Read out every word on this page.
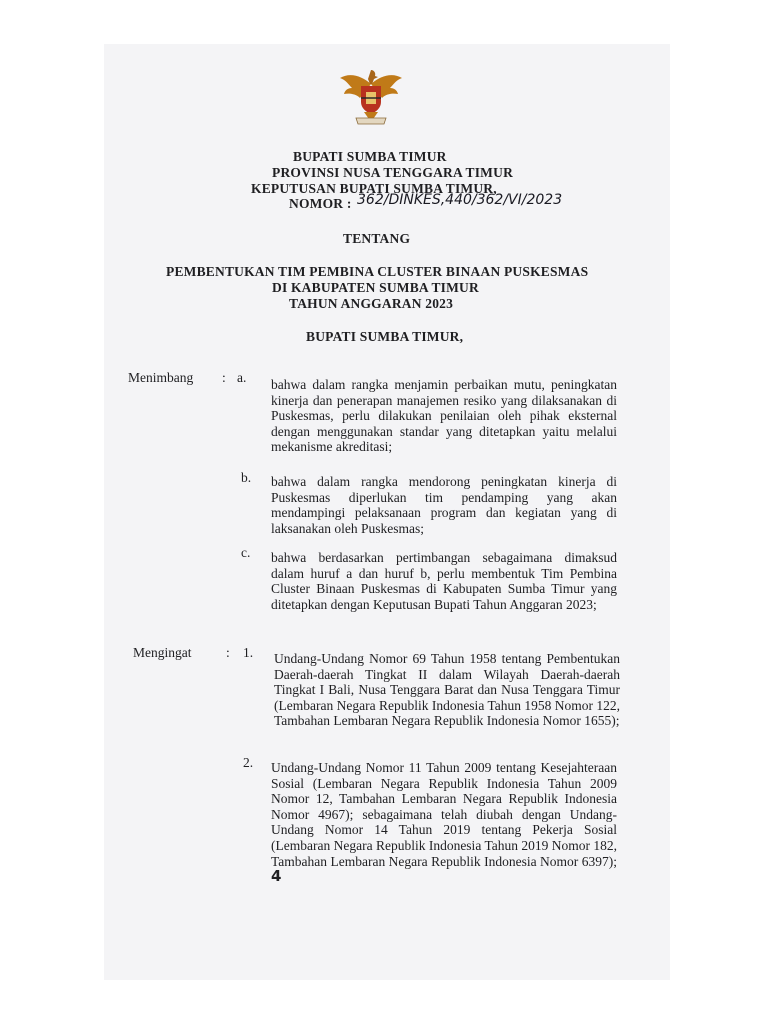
BUPATI SUMBA TIMUR
PROVINSI NUSA TENGGARA TIMUR
KEPUTUSAN BUPATI SUMBA TIMUR,
NOMOR : 362/DINKES,440/362/VI/2023
TENTANG
PEMBENTUKAN TIM PEMBINA CLUSTER BINAAN PUSKESMAS
DI KABUPATEN SUMBA TIMUR
TAHUN ANGGARAN 2023
BUPATI SUMBA TIMUR,
Menimbang : a. bahwa dalam rangka menjamin perbaikan mutu, peningkatan kinerja dan penerapan manajemen resiko yang dilaksanakan di Puskesmas, perlu dilakukan penilaian oleh pihak eksternal dengan menggunakan standar yang ditetapkan yaitu melalui mekanisme akreditasi;
b. bahwa dalam rangka mendorong peningkatan kinerja di Puskesmas diperlukan tim pendamping yang akan mendampingi pelaksanaan program dan kegiatan yang di laksanakan oleh Puskesmas;
c. bahwa berdasarkan pertimbangan sebagaimana dimaksud dalam huruf a dan huruf b, perlu membentuk Tim Pembina Cluster Binaan Puskesmas di Kabupaten Sumba Timur yang ditetapkan dengan Keputusan Bupati Tahun Anggaran 2023;
Mengingat	: 1. Undang-Undang Nomor 69 Tahun 1958 tentang Pembentukan Daerah-daerah Tingkat II dalam Wilayah Daerah-daerah Tingkat I Bali, Nusa Tenggara Barat dan Nusa Tenggara Timur (Lembaran Negara Republik Indonesia Tahun 1958 Nomor 122, Tambahan Lembaran Negara Republik Indonesia Nomor 1655);
2. Undang-Undang Nomor 11 Tahun 2009 tentang Kesejahteraan Sosial (Lembaran Negara Republik Indonesia Tahun 2009 Nomor 12, Tambahan Lembaran Negara Republik Indonesia Nomor 4967); sebagaimana telah diubah dengan Undang-Undang Nomor 14 Tahun 2019 tentang Pekerja Sosial (Lembaran Negara Republik Indonesia Tahun 2019 Nomor 182, Tambahan Lembaran Negara Republik Indonesia Nomor 6397); 4
